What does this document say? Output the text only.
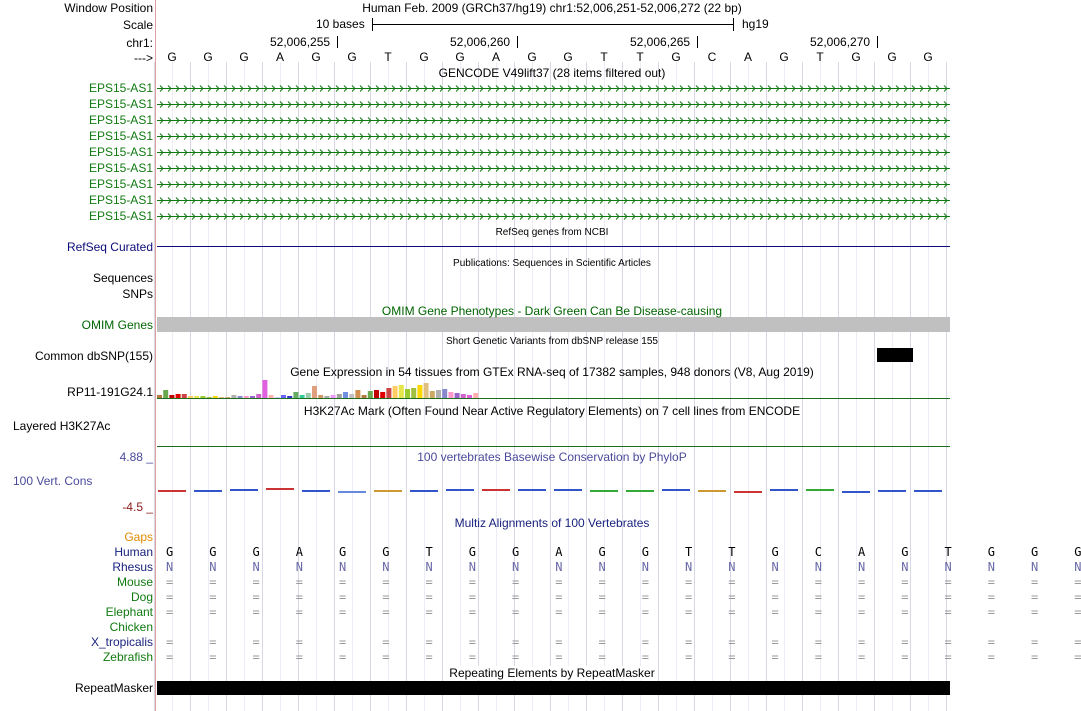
Window Position	Human Feb. 2009 (GRCh37/hg19) chr1:52,006,251-52,006,272 (22 bp)
Scale	10 bases	hg19
chr1:	52,006,255	52,006,260	52,006,265	52,006,270
---> G G G A G G T G G A G G T T G C A G T G G G
GENCODE V49lift37 (28 items filtered out)
EPS15-AS1
EPS15-AS1
EPS15-AS1
EPS15-AS1
EPS15-AS1
EPS15-AS1
EPS15-AS1
EPS15-AS1
EPS15-AS1
RefSeq genes from NCBI
RefSeq Curated
Publications: Sequences in Scientific Articles
Sequences
SNPs
OMIM Gene Phenotypes - Dark Green Can Be Disease-causing
OMIM Genes
Short Genetic Variants from dbSNP release 155
Common dbSNP(155)
Gene Expression in 54 tissues from GTEx RNA-seq of 17382 samples, 948 donors (V8, Aug 2019)
RP11-191G24.1
H3K27Ac Mark (Often Found Near Active Regulatory Elements) on 7 cell lines from ENCODE
Layered H3K27Ac
100 vertebrates Basewise Conservation by PhyloP
4.88 _
100 Vert. Cons
-4.5 _
Multiz Alignments of 100 Vertebrates
Gaps
Human G G G A G G T G G A G G T T G C A G T G G G
Rhesus N N N N N N N N N N N N N N N N N N N N N N
Mouse = = = = = = = = = = = = = = = = = = = = = =
Dog = = = = = = = = = = = = = = = = = = = = = =
Elephant = = = = = = = = = = = = = = = = = = = = = =
Chicken
X_tropicalis = = = = = = = = = = = = = = = = = = = = = =
Zebrafish = = = = = = = = = = = = = = = = = = = = = =
RepeatMasker
Repeating Elements by RepeatMasker
